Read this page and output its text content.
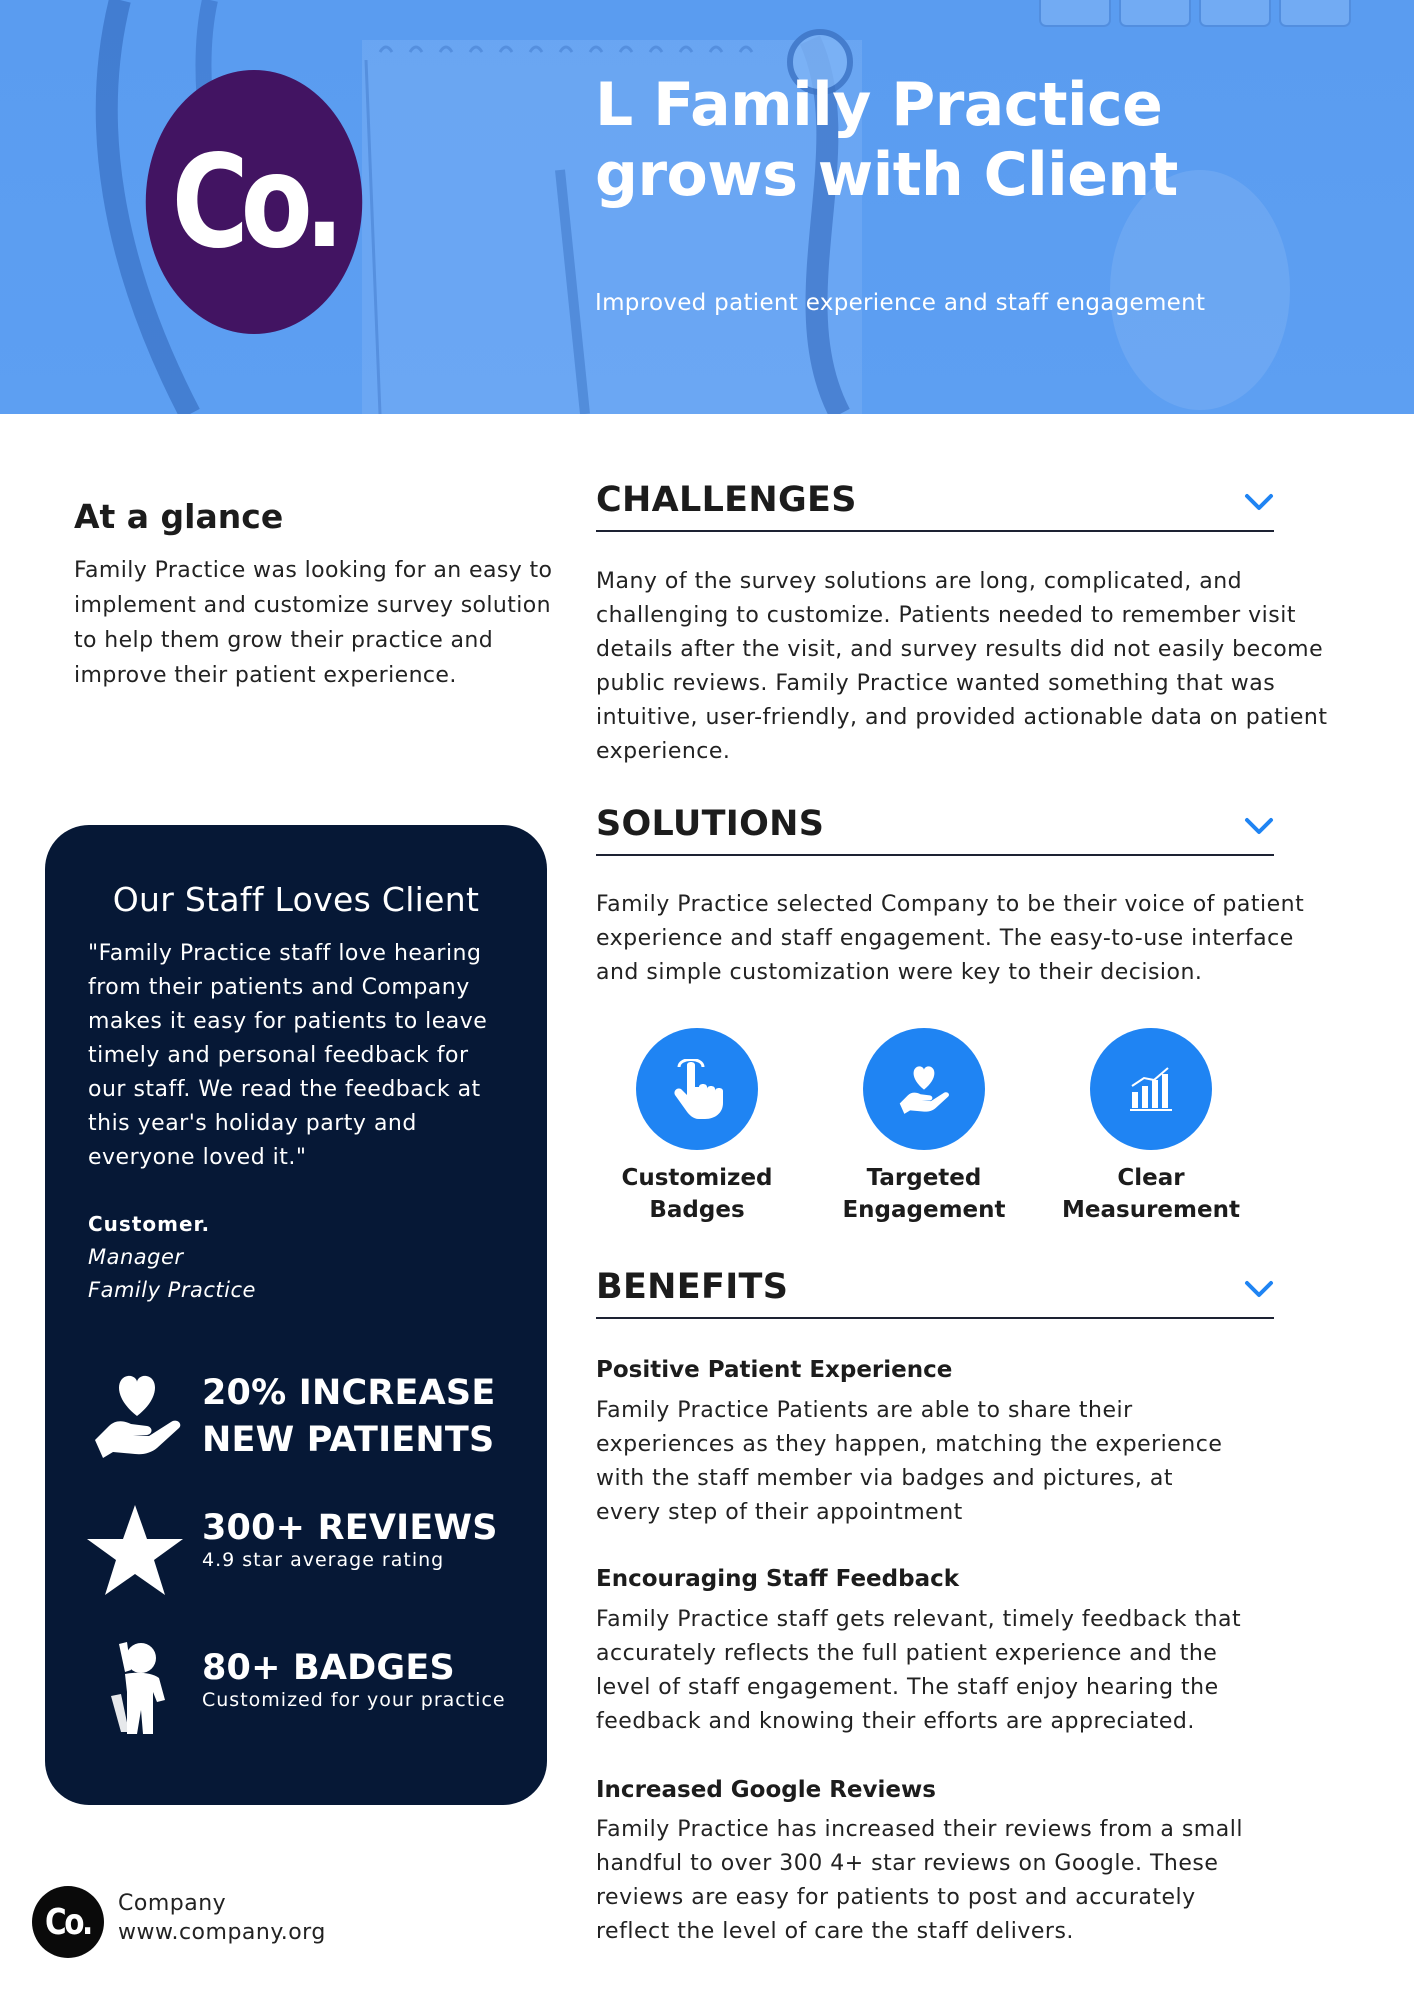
Co.
L Family Practice
grows with Client
Improved patient experience and staff engagement
At a glance
Family Practice was looking for an easy to implement and customize survey solution to help them grow their practice and improve their patient experience.
Our Staff Loves Client
"Family Practice staff love hearing from their patients and Company makes it easy for patients to leave timely and personal feedback for our staff. We read the feedback at this year's holiday party and everyone loved it."
Customer.
Manager
Family Practice
20% INCREASE
NEW PATIENTS
300+ REVIEWS
4.9 star average rating
80+ BADGES
Customized for your practice
Co. Company
www.company.org
CHALLENGES
Many of the survey solutions are long, complicated, and challenging to customize. Patients needed to remember visit details after the visit, and survey results did not easily become public reviews. Family Practice wanted something that was intuitive, user-friendly, and provided actionable data on patient experience.
SOLUTIONS
Family Practice selected Company to be their voice of patient experience and staff engagement. The easy-to-use interface and simple customization were key to their decision.
Customized
Badges
Targeted
Engagement
Clear
Measurement
BENEFITS
Positive Patient Experience
Family Practice Patients are able to share their experiences as they happen, matching the experience with the staff member via badges and pictures, at every step of their appointment
Encouraging Staff Feedback
Family Practice staff gets relevant, timely feedback that accurately reflects the full patient experience and the level of staff engagement. The staff enjoy hearing the feedback and knowing their efforts are appreciated.
Increased Google Reviews
Family Practice has increased their reviews from a small handful to over 300 4+ star reviews on Google. These reviews are easy for patients to post and accurately reflect the level of care the staff delivers.
